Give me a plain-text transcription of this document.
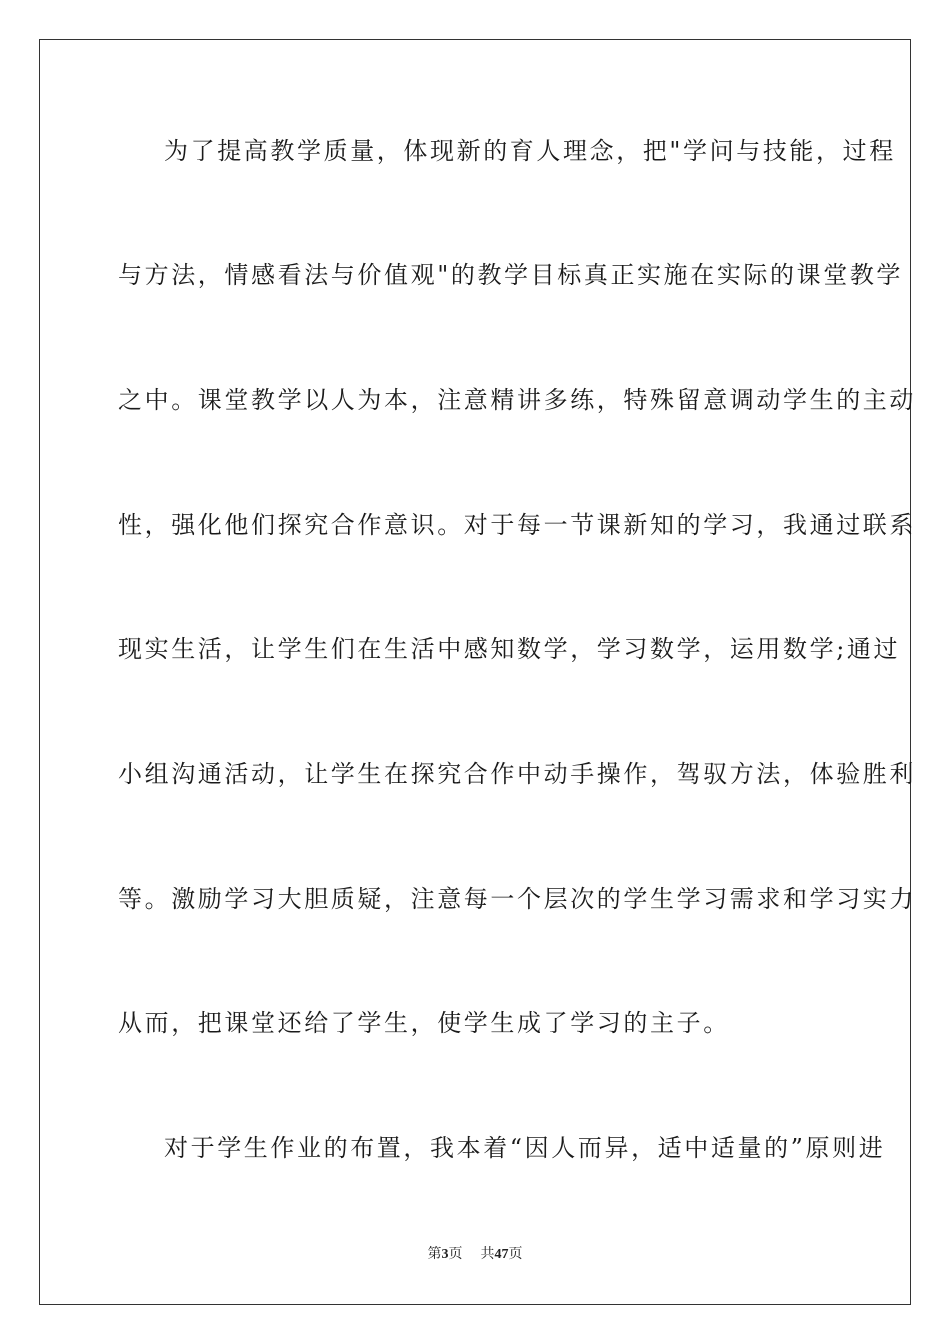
为了提高教学质量，体现新的育人理念，把"学问与技能，过程
与方法，情感看法与价值观"的教学目标真正实施在实际的课堂教学
之中。课堂教学以人为本，注意精讲多练，特殊留意调动学生的主动
性，强化他们探究合作意识。对于每一节课新知的学习，我通过联系
现实生活，让学生们在生活中感知数学，学习数学，运用数学;通过
小组沟通活动，让学生在探究合作中动手操作，驾驭方法，体验胜利
等。激励学习大胆质疑，注意每一个层次的学生学习需求和学习实力
从而，把课堂还给了学生，使学生成了学习的主子。
对于学生作业的布置，我本着“因人而异，适中适量的”原则进
第3页 共47页
